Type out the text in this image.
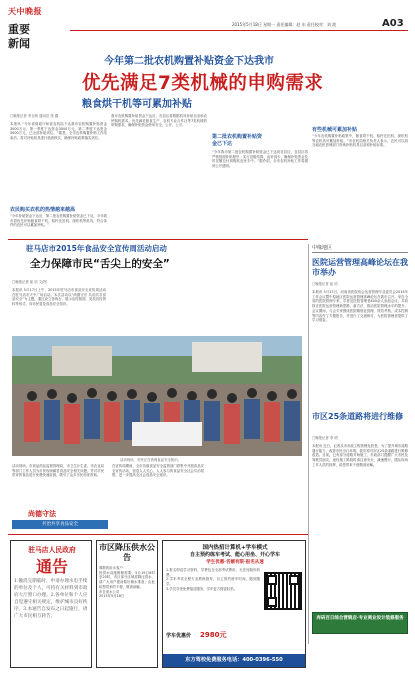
天中晚报
重要新闻
2015年5月18日 星期一 责任编辑：赵 东 责任校对：刘 波	A03
今年第二批农机购置补贴资金下达我市
优先满足7类机械的申购需求
粮食烘干机等可累加补贴
□晚报记者 李玉明 通讯员 张 鑫
本报讯 “今年省财政厅和省农机局下达我市农机购置补贴资金3000万元，第一季度下达资金3000万元，第二季度下达资金3000万元，已全部补贴到位。”据悉，全市农机购置补贴工作结束后，将对补贴机具进行抽查核实，确保补贴政策落实到位。
农民购买农机的热情越来越高
“今年补贴资金下达后，第二批农机购置补贴资金已下达，今年我市将优先补贴粮食烘干机、秸秆还田机、深松机等机具，符合条件的农民可以累加补贴。”
我市农机购置补贴资金下达后，各县区将根据机具补贴目录和农民购机需求，优先满足粮食生产、农机专业合作社等7类机械的申购需求，确保补贴资金使用安全、公开、公平。
第二批农机购置补贴资金已下达
“今年我市第二批农机购置补贴资金已下达到各县区，各县区将严格按照补贴程序，实行县级结算、直补到卡，确保补贴资金及时足额兑付到购机农民手中。”据介绍，全市农机补贴工作将做到公开透明。
有些机械可累加补贴
“今年农机购置补贴政策中，粮食烘干机、秸秆还田机、深松机等农机具可累加补贴。”市农机局相关负责人表示，农民可以到当地农机管理部门咨询补贴机具目录和补贴标准。
驻马店市2015年食品安全宣传周活动启动
全力保障市民“舌尖上的安全”
□晚报记者 崔 培 文/图
本报讯 5月17日上午，2015年驻马店市食品安全宣传周活动在驻马店市天中广场启动。本次活动以“尚德守法 共治共享食品安全”为主题，通过设立咨询台、展示宣传版面、发放宣传资料等形式，向市民普及食品安全知识。
活动现场，市民正在咨询食品安全知识。
活动现场，市食品药品监督管理局、市卫生计生委、市农业局等部门工作人员为市民现场解答食品安全相关问题，并对市民带来的食品进行免费快速检测，吸引了众多市民前来咨询。
在宣传周期间，全市各级食品安全监管部门将集中开展食品安全宣传活动，营造人人关心、人人参与的食品安全社会共治氛围，进一步提高全社会食品安全意识。
尚德守法
共治共享食品安全
中缘地区
医院运营管理高峰论坛在我市举办
□晚报记者 崔 培
本报讯 5月17日，河南省医院协会运营管理专业委员会2015年工作会议暨中原地区医院运营管理高峰论坛在我市召开。来自全省的医院管理专家、学者及医院管理者400余人参加会议，共同探讨医院运营管理新思路、新方法，推动医院管理水平的提升。会议期间，与会专家围绕医院精细化管理、绩效考核、成本控制等内容作了专题报告，并进行了交流研讨，为医院管理者提供了学习借鉴。
市区25条道路将进行维修
□晚报记者 李 明
本报讯 近日，记者从市市政工程管理处获悉，为了提升城市道路通行能力，改善市民出行环境，我市将对市区25条道路进行维修改造。目前，已有部分道路开始施工，市政部门提醒广大市民及驾驶员朋友，途经施工路段时请注意安全，减速慢行，服从现场工作人员的指挥，给您带来不便敬请谅解。
奔码百日综合营销店·专业商业设计装修服务
驻马店人民政府
通告
1.撤消完期临时，申请办理水电手续的单位及个人，可持有关材料到市政府大厅窗口办理。2.各单位和个人应自觉遵守相关规定，维护城市良好秩序。3.本通告自发布之日起施行，请广大市民相互转告。
市区降压供水公告
尊敬的用水客户：
因供水设施维修需要，5月19日8时至20时，市区部分区域将降压供水，请广大用户提前做好储水准备，由此给您带来的不便，敬请谅解。
市自来水公司
2015年5月18日
国内热招计算机+学车模式
自主预约练车考试、能心用坐、开心学车
学生优惠·名额有限·报名从速
1.报名即送学习资料，学费包含全部考试费用，无任何隐形收费。
2.学车考试全程专业教练指导，自主预约练车时间，随到随学。
3.学员享受免费接送服务，学车更方便更轻松。
学车优惠价 2980元
东方驾校免费服务电话：400-0396-550
